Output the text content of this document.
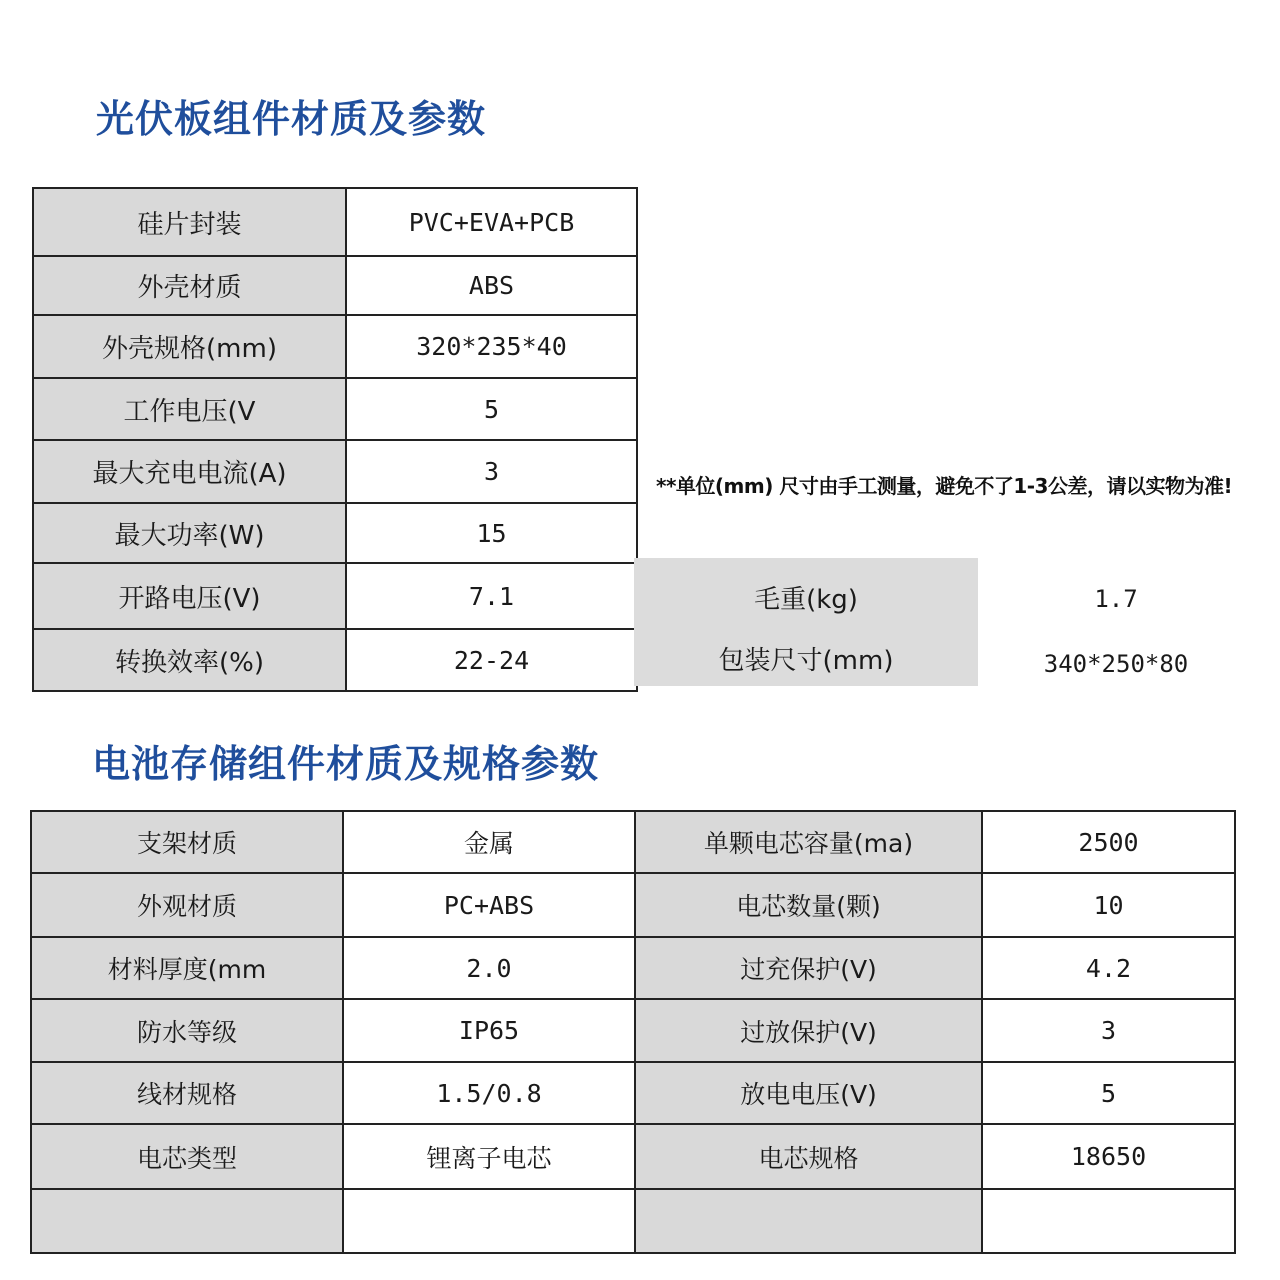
光伏板组件材质及参数
硅片封装	PVC+EVA+PCB
外壳材质	ABS
外壳规格(mm)	320*235*40
工作电压(V	5
最大充电电流(A)	3
最大功率(W)	15
开路电压(V)	7.1
转换效率(%)	22-24
**单位(mm) 尺寸由手工测量，避免不了1-3公差，请以实物为准!
毛重(kg)	1.7
包装尺寸(mm)	340*250*80
电池存储组件材质及规格参数
支架材质	金属	单颗电芯容量(ma)	2500
外观材质	PC+ABS	电芯数量(颗)	10
材料厚度(mm	2.0	过充保护(V)	4.2
防水等级	IP65	过放保护(V)	3
线材规格	1.5/0.8	放电电压(V)	5
电芯类型	锂离子电芯	电芯规格	18650
